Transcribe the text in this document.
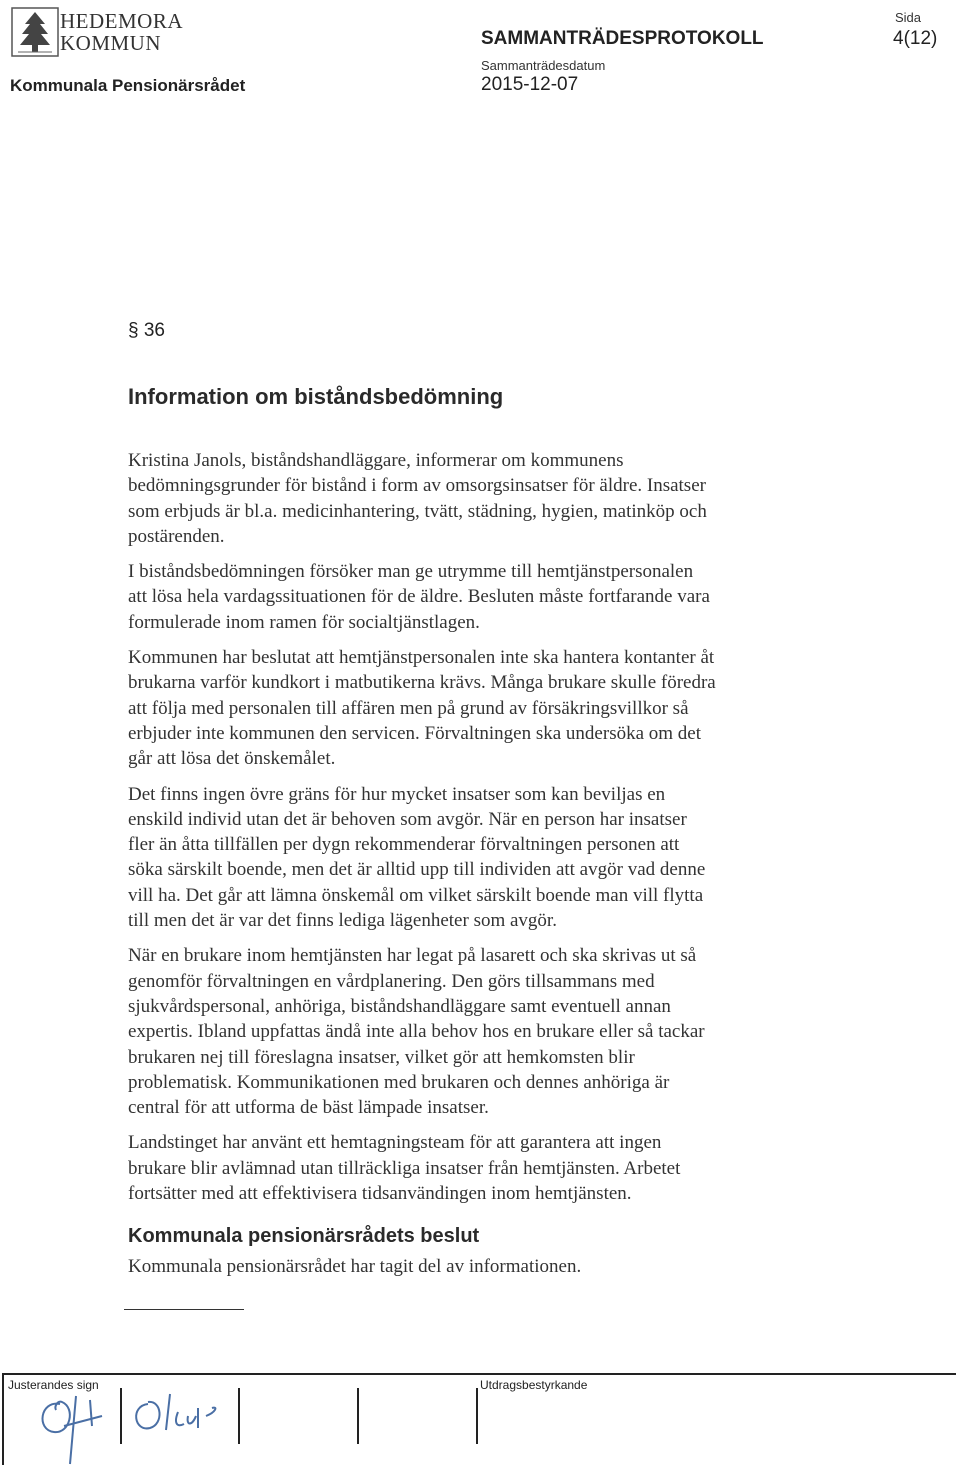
HEDEMORA
KOMMUN	SAMMANTRÄDESPROTOKOLL
Sida
4(12)
Kommunala Pensionärsrådet
Sammanträdesdatum
2015-12-07
§ 36
Information om biståndsbedömning

Kristina Janols, biståndshandläggare, informerar om kommunens
bedömningsgrunder för bistånd i form av omsorgsinsatser för äldre. Insatser
som erbjuds är bl.a. medicinhantering, tvätt, städning, hygien, matinköp och
postärenden.

I biståndsbedömningen försöker man ge utrymme till hemtjänstpersonalen
att lösa hela vardagssituationen för de äldre. Besluten måste fortfarande vara
formulerade inom ramen för socialtjänstlagen.

Kommunen har beslutat att hemtjänstpersonalen inte ska hantera kontanter åt
brukarna varför kundkort i matbutikerna krävs. Många brukare skulle föredra
att följa med personalen till affären men på grund av försäkringsvillkor så
erbjuder inte kommunen den servicen. Förvaltningen ska undersöka om det
går att lösa det önskemålet.

Det finns ingen övre gräns för hur mycket insatser som kan beviljas en
enskild individ utan det är behoven som avgör. När en person har insatser
fler än åtta tillfällen per dygn rekommenderar förvaltningen personen att
söka särskilt boende, men det är alltid upp till individen att avgör vad denne
vill ha. Det går att lämna önskemål om vilket särskilt boende man vill flytta
till men det är var det finns lediga lägenheter som avgör.

När en brukare inom hemtjänsten har legat på lasarett och ska skrivas ut så
genomför förvaltningen en vårdplanering. Den görs tillsammans med
sjukvårdspersonal, anhöriga, biståndshandläggare samt eventuell annan
expertis. Ibland uppfattas ändå inte alla behov hos en brukare eller så tackar
brukaren nej till föreslagna insatser, vilket gör att hemkomsten blir
problematisk. Kommunikationen med brukaren och dennes anhöriga är
central för att utforma de bäst lämpade insatser.

Landstinget har använt ett hemtagningsteam för att garantera att ingen
brukare blir avlämnad utan tillräckliga insatser från hemtjänsten. Arbetet
fortsätter med att effektivisera tidsanvändingen inom hemtjänsten.

Kommunala pensionärsrådets beslut
Kommunala pensionärsrådet har tagit del av informationen.
Justerandes sign	Utdragsbestyrkande
